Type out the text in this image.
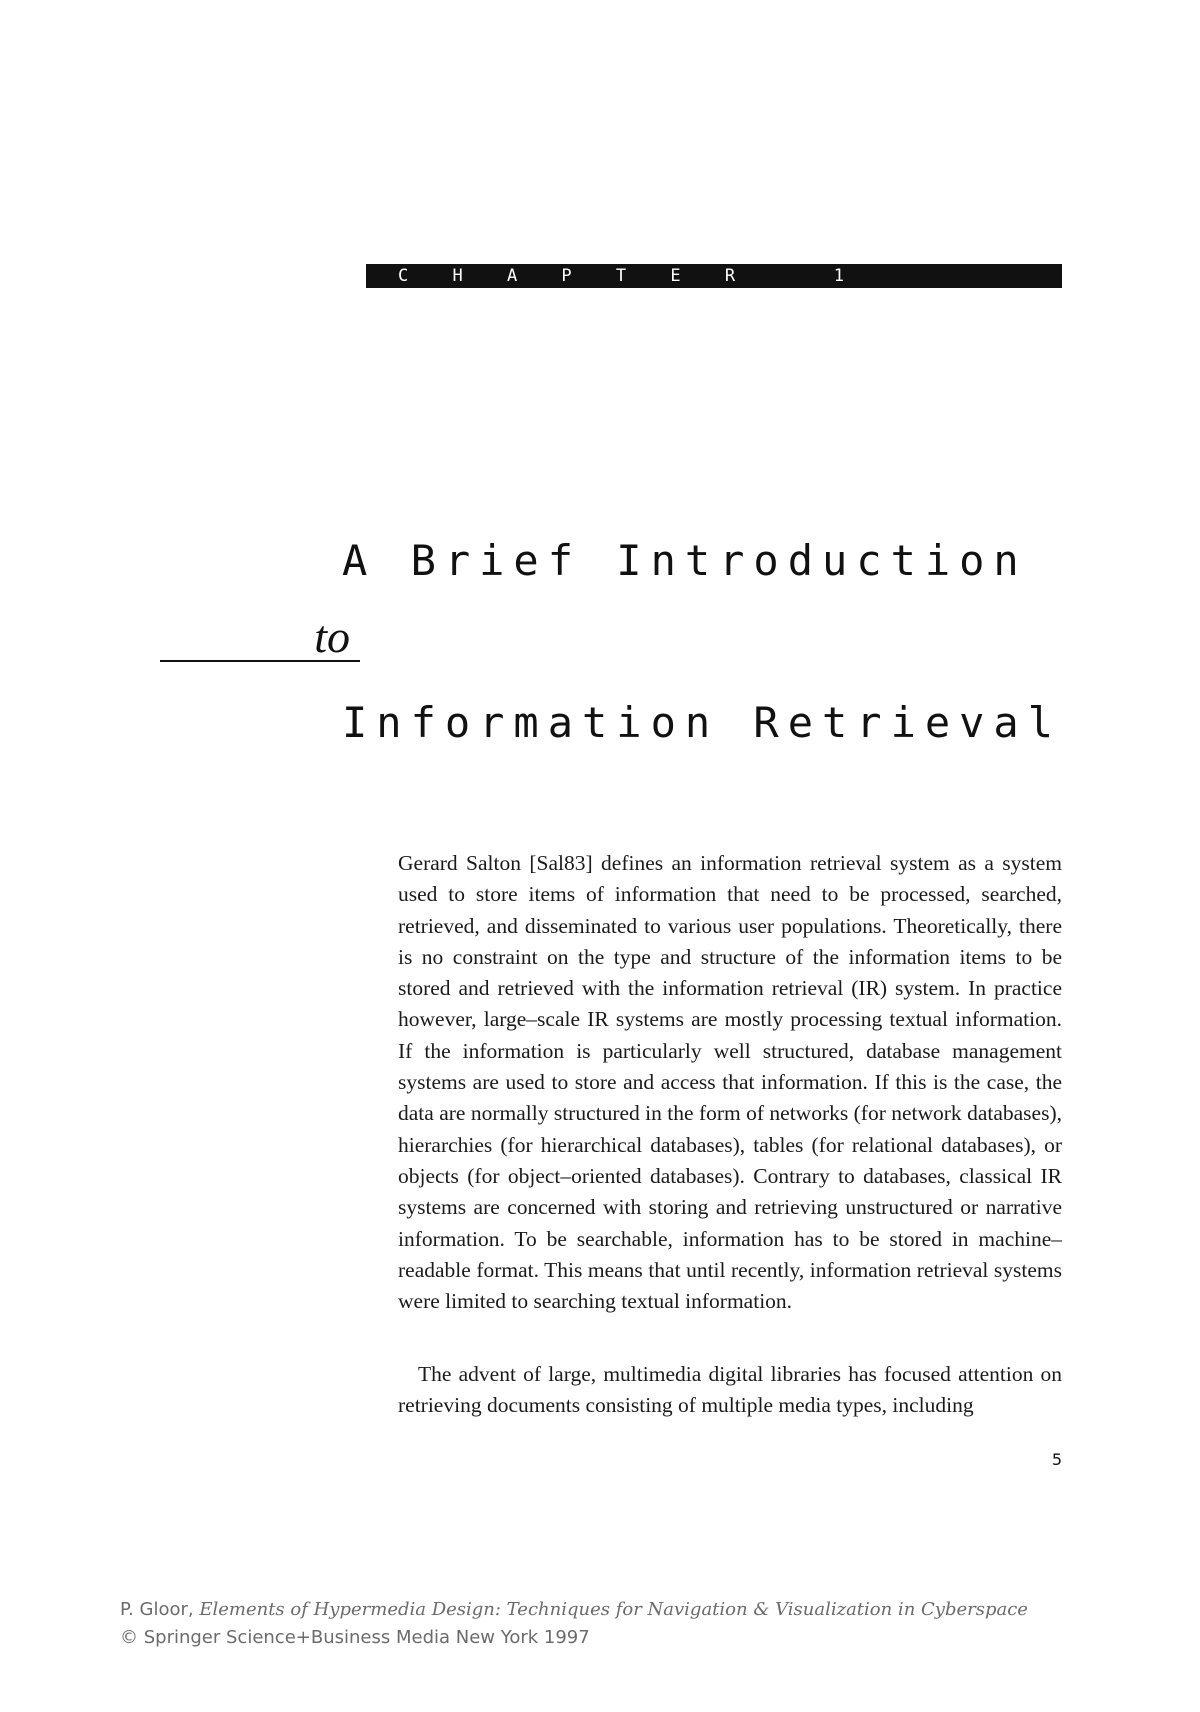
C H A P T E R	1
A Brief Introduction
to
Information Retrieval

Gerard Salton [Sal83] defines an information retrieval system as a system used to store items of information that need to be processed, searched, retrieved, and disseminated to various user populations. Theoretically, there is no constraint on the type and structure of the information items to be stored and retrieved with the information retrieval (IR) system. In practice however, large–scale IR systems are mostly processing textual information. If the information is particularly well structured, database management systems are used to store and access that information. If this is the case, the data are normally structured in the form of networks (for network databases), hierarchies (for hierarchical databases), tables (for relational databases), or objects (for object–oriented databases). Contrary to databases, classical IR systems are concerned with storing and retrieving unstructured or narrative information. To be searchable, information has to be stored in machine–readable format. This means that until recently, information retrieval systems were limited to searching textual information.

The advent of large, multimedia digital libraries has focused attention on retrieving documents consisting of multiple media types, including

5
P. Gloor, Elements of Hypermedia Design: Techniques for Navigation & Visualization in Cyberspace
© Springer Science+Business Media New York 1997
